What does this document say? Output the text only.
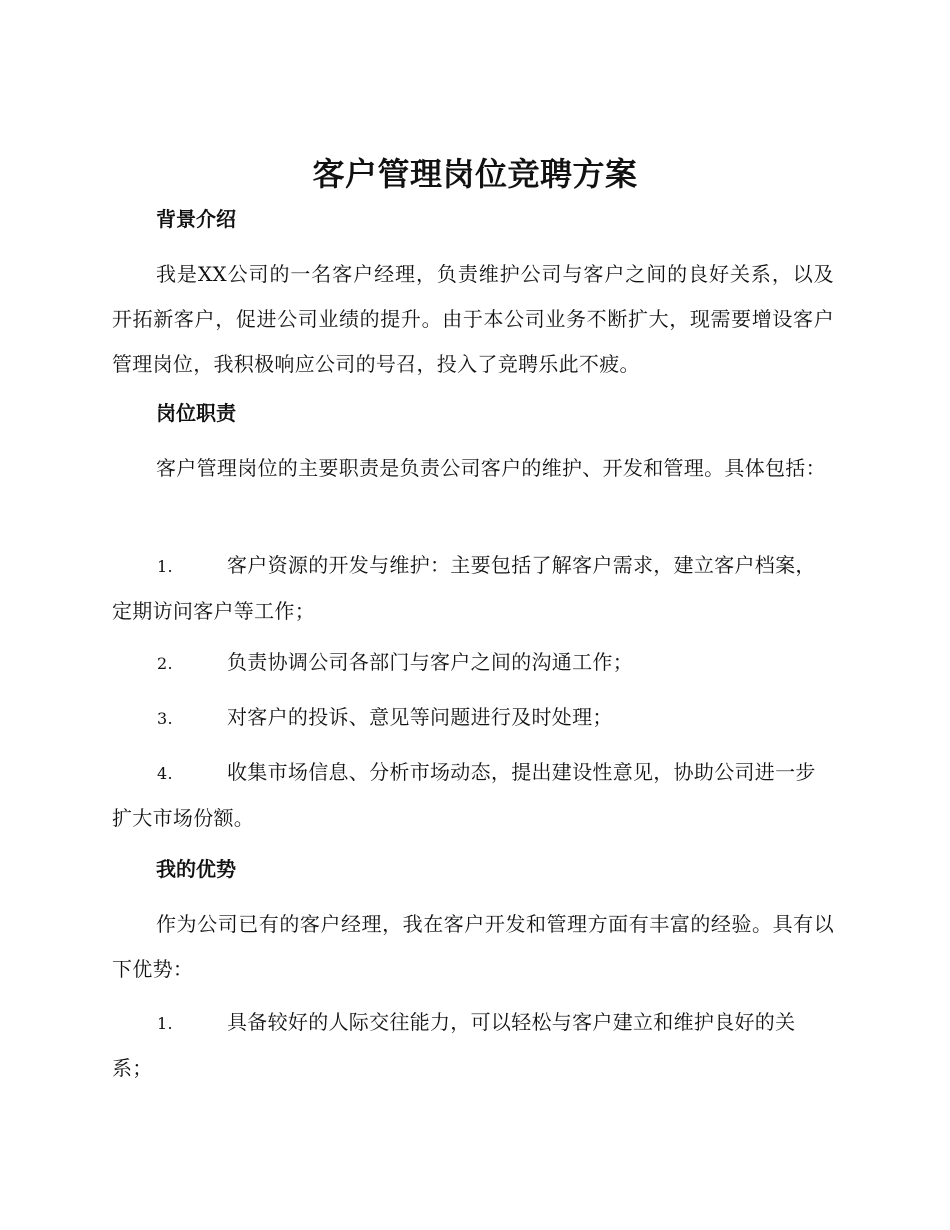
客户管理岗位竞聘方案
背景介绍

我是XX公司的一名客户经理，负责维护公司与客户之间的良好关系，以及开拓新客户，促进公司业绩的提升。由于本公司业务不断扩大，现需要增设客户管理岗位，我积极响应公司的号召，投入了竞聘乐此不疲。

岗位职责

客户管理岗位的主要职责是负责公司客户的维护、开发和管理。具体包括：

1.	客户资源的开发与维护：主要包括了解客户需求，建立客户档案，定期访问客户等工作；

2.	负责协调公司各部门与客户之间的沟通工作；

3.	对客户的投诉、意见等问题进行及时处理；

4.	收集市场信息、分析市场动态，提出建设性意见，协助公司进一步扩大市场份额。

我的优势

作为公司已有的客户经理，我在客户开发和管理方面有丰富的经验。具有以下优势：

1.	具备较好的人际交往能力，可以轻松与客户建立和维护良好的关系；
